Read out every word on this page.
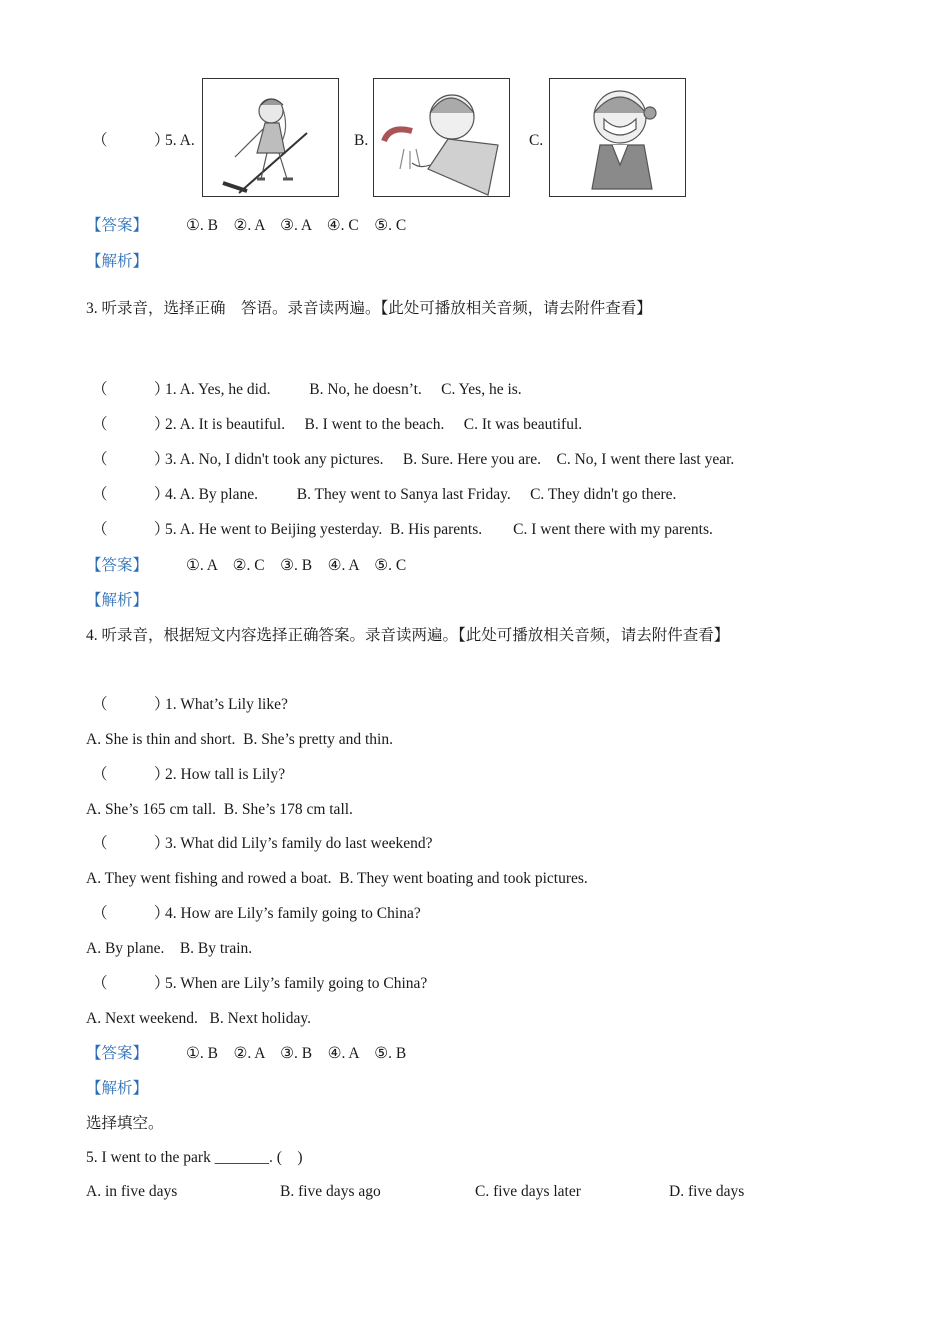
（　　　）
5. A.	B.	C.
【答案】 ①. B　②. A　③. A　④. C　⑤. C
【解析】
3. 听录音，选择正确　答语。录音读两遍。【此处可播放相关音频，请去附件查看】
（　　　）
1. A. Yes, he did.          B. No, he doesn’t.     C. Yes, he is.
（　　　）
2. A. It is beautiful.     B. I went to the beach.     C. It was beautiful.
（　　　）
3. A. No, I didn't took any pictures.     B. Sure. Here you are.    C. No, I went there last year.
（　　　）
4. A. By plane.          B. They went to Sanya last Friday.     C. They didn't go there.
（　　　）
5. A. He went to Beijing yesterday.  B. His parents.        C. I went there with my parents.
【答案】 ①. A　②. C　③. B　④. A　⑤. C
【解析】
4. 听录音，根据短文内容选择正确答案。录音读两遍。【此处可播放相关音频，请去附件查看】
（　　　）
1. What’s Lily like?
A. She is thin and short.  B. She’s pretty and thin.
（　　　）
2. How tall is Lily?
A. She’s 165 cm tall.  B. She’s 178 cm tall.
（　　　）
3. What did Lily’s family do last weekend?
A. They went fishing and rowed a boat.  B. They went boating and took pictures.
（　　　）
4. How are Lily’s family going to China?
A. By plane.    B. By train.
（　　　）
5. When are Lily’s family going to China?
A. Next weekend.   B. Next holiday.
【答案】 ①. B　②. A　③. B　④. A　⑤. B
【解析】
选择填空。
5. I went to the park _______. (    )
A. in five days	B. five days ago	C. five days later	D. five days
